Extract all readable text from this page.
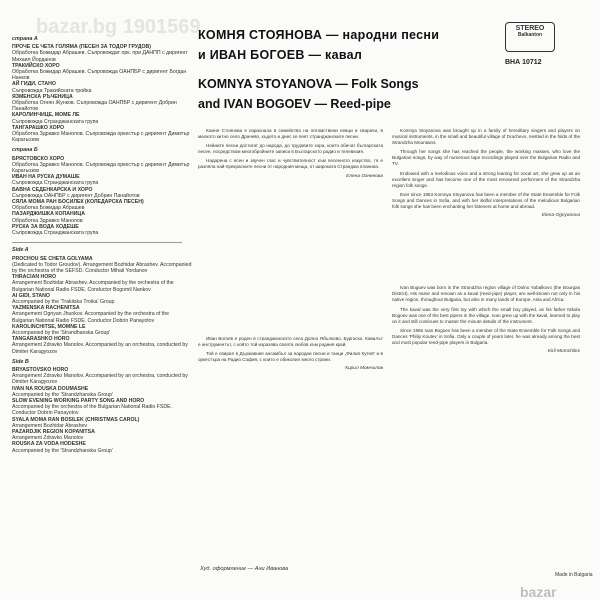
bazar.bg 1901569
страна А
ПРОЧЕ СЕ ЧЕТА ГОЛЯМА (ПЕСЕН ЗА ТОДОР ГРУДОВ)
Обработка Божидар Абрашев. Съпровождат орк. при ДАНПП с диригент Михаил Йорданов
ТРАКИЙСКО ХОРО
Обработка Божидар Абрашев. Съпровожда ОАНПБР с диригент Богдан Нанков
АЙ ГИДИ, СТАНО
Съпровожда Тракийската тройка
ЯЗМЕНСКА РЪЧЕНИЦА
Обработка Огнян Жунков. Съпровожда ОАНПБР с диригент Добрин Панайотов
КАРОЛИНЧИЦЕ, МОМЕ ЛЕ
Съпровожда Странджанската група
ТАНГАРАШКО ХОРО
Обработка Здравко Манолов. Съпровожда оркестър с диригент Димитър Карагьозов
страна Б
БРЯСТОВСКО ХОРО
Обработка Здравко Манолов. Съпровожда оркестър с диригент Димитър Карагьозов
ИВАН НА РУСКА ДУМАШЕ
Съпровожда Странджанската група
БАВНА СЕДЕНКАРСКА И ХОРО
Съпровожда ОАНПБР с диригент Добрин Панайотов
СЯЛА МОМА РАН БОСИЛЕК (КОЛЕДАРСКА ПЕСЕН)
Обработка Божидар Абрашев
ПАЗАРДЖИШКА КОПАНИЦА
Обработка Здравко Манолов
РУСКА ЗА ВОДА ХОДЕШЕ
Съпровожда Странджанската група
Side A
PROCHOU SE CHETA GOLYAMA
(Dedicated to Todor Groudov). Arrangement Bozhidar Abrashev. Accompanied by the orchestra of the SEFSD. Conductor Mihail Yordanov
THRACIAN HORO
Arrangement Bozhidar Abrashev. Accompanied by the orchestra of the Bulgarian National Radio FSDE. Conductor Bogomil Nankov
AI GIDI, STANO
Accompanied by the 'Trakiiska Troika' Group
YAZMENSKA RACHENITSA
Arrangement Ognyan Jhunkov. Accompanied by the orchestra of the Bulgarian National Radio FSDE. Conductor Dobrin Panayotov
KAROLINCHITSE, MOMNE LE
Accompanied by the 'Strandhanska Group'
TANGARASHKO HORO
Arrangement Zdravko Manolov. Accompanied by an orchestra, conducted by Dimiter Karagyozov
Side B
BRYASTOVSKO HORO
Arrangement Zdravko Manolov. Accompanied by an orchestra, conducted by Dimiter Karagyozov
IVAN NA ROUSKA DOUMASHE
Accompanied by the 'Strandzhanska Group'
SLOW EVENING WORKING PARTY SONG AND HORO
Accompanied by the orchestra of the Bulgarian National Radio FSDE. Conductor Dobrin Panayotov
SYALA MOMA RAN BOSILEK (CHRISTMAS CAROL)
Arrangement Bozhidar Abrashev
PAZARDJIK REGION KOPANITSA
Arrangement Zdravko Manolov
ROUSKA ZA VODA HODESHE
Accompanied by the 'Strandzhanska Group'
КОМНЯ СТОЯНОВА — народни песни
и ИВАН БОГОЕВ — кавал
KOMNYA STOYANOVA — Folk Songs
and IVAN BOGOEV — Reed-pipe
STEREO
Balkanton
ВНА 10712

Комня Стоянова е израснала в семейство на потомствени певци и свирачи, в малкото китно село Драчево, където и днес се пеят странджанските песни.

Нейните песни достигат до народа, до трудовите хора, които обичат българската песен, посредством многобройните записи в Българското радио и телевизия.

Надарена с ясен и звучен глас и чувствителност към песенното изкуство, тя е разпяла най-прекрасните песни от народния меща, от широката Странджа планина.

Елена Огнянова

Иван Богоев е роден в странджанското село Долно Ябълково, Бургаско. Кавалът е инструментът, с който той изразява своята любов към родния край.

Той е свирил в Държавния ансамбъл за народни песни и танци „Филип Кутев“ и в оркестъра на Радио София, с които е обиколил много страни.

Кирил Момчилов

Komnya Stoyanova was brought up in a family of hereditary singers and players on musical instruments, in the small and beautiful village of Drachevo, nestled in the folds of the Strandzha Mountains.

Through her songs she has reached the people, the working masses, who love the Bulgarian songs, by way of numerous tape recordings played over the Bulgarian Radio and TV.

Endowed with a melodious voice and a strong leaning for vocal art, she grew up as an excellent singer and has become one of the most renowned performers of the Strandzha region folk songs.

Ever since 1953 Komnya Stoyanova has been a member of the State Ensemble for Folk Songs and Dances in Sofia, and with her skilful interpretations of the melodious Bulgarian folk songs she has been enchanting her listeners at home and abroad.

Elena Ognyanova

Ivan Bogoev was born in the Strandzha region village of Dolno Yabalkovo (the Bourgas District). His name and renown as a kaval (reed-pipe) player, are well-known not only in his native region, throughout Bulgaria, but also in many lands of Europe, Asia and Africa.

The kaval was the very first toy with which the small boy played, as his father Nikola Bogoev was one of the best pipers in the village. Ivan grew up with the kaval, learned to play on it and still continues to master the minute details of the instrument.

Since 1965 Ivan Bogoev has been a member of the State Ensemble for Folk Songs and Dances 'Philip Koutev' in Sofia. Only a couple of years later, he was already among the best and most popular reed-pipe players in Bulgaria.

Kiril Momchilov
Худ. оформление — Ани Иванова
Made in Bulgaria
bazar
